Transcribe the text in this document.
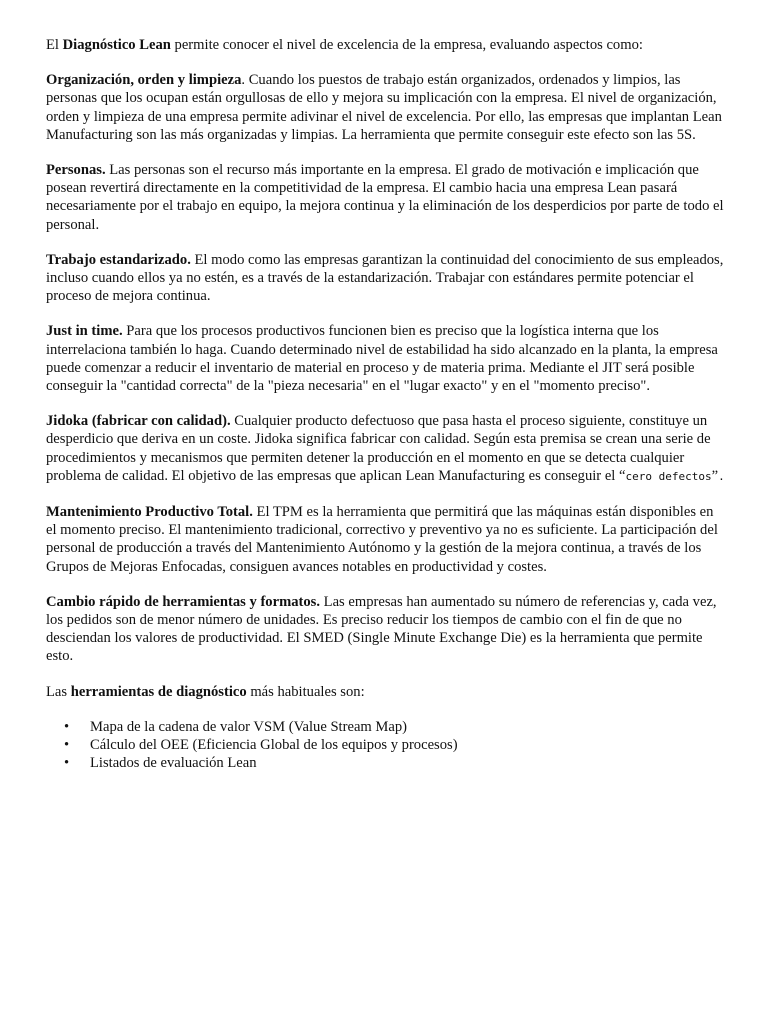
El Diagnóstico Lean permite conocer el nivel de excelencia de la empresa, evaluando aspectos como:

Organización, orden y limpieza. Cuando los puestos de trabajo están organizados, ordenados y limpios, las personas que los ocupan están orgullosas de ello y mejora su implicación con la empresa. El nivel de organización, orden y limpieza de una empresa permite adivinar el nivel de excelencia. Por ello, las empresas que implantan Lean Manufacturing son las más organizadas y limpias. La herramienta que permite conseguir este efecto son las 5S.

Personas. Las personas son el recurso más importante en la empresa. El grado de motivación e implicación que posean revertirá directamente en la competitividad de la empresa. El cambio hacia una empresa Lean pasará necesariamente por el trabajo en equipo, la mejora continua y la eliminación de los desperdicios por parte de todo el personal.

Trabajo estandarizado. El modo como las empresas garantizan la continuidad del conocimiento de sus empleados, incluso cuando ellos ya no estén, es a través de la estandarización. Trabajar con estándares permite potenciar el proceso de mejora continua.

Just in time. Para que los procesos productivos funcionen bien es preciso que la logística interna que los interrelaciona también lo haga. Cuando determinado nivel de estabilidad ha sido alcanzado en la planta, la empresa puede comenzar a reducir el inventario de material en proceso y de materia prima. Mediante el JIT será posible conseguir la "cantidad correcta" de la "pieza necesaria" en el "lugar exacto" y en el "momento preciso".

Jidoka (fabricar con calidad). Cualquier producto defectuoso que pasa hasta el proceso siguiente, constituye un desperdicio que deriva en un coste. Jidoka significa fabricar con calidad. Según esta premisa se crean una serie de procedimientos y mecanismos que permiten detener la producción en el momento en que se detecta cualquier problema de calidad. El objetivo de las empresas que aplican Lean Manufacturing es conseguir el “cero defectos”.

Mantenimiento Productivo Total. El TPM es la herramienta que permitirá que las máquinas están disponibles en el momento preciso. El mantenimiento tradicional, correctivo y preventivo ya no es suficiente. La participación del personal de producción a través del Mantenimiento Autónomo y la gestión de la mejora continua, a través de los Grupos de Mejoras Enfocadas, consiguen avances notables en productividad y costes.

Cambio rápido de herramientas y formatos. Las empresas han aumentado su número de referencias y, cada vez, los pedidos son de menor número de unidades. Es preciso reducir los tiempos de cambio con el fin de que no desciendan los valores de productividad. El SMED (Single Minute Exchange Die) es la herramienta que permite esto.

Las herramientas de diagnóstico más habituales son:

• Mapa de la cadena de valor VSM (Value Stream Map)
• Cálculo del OEE (Eficiencia Global de los equipos y procesos)
• Listados de evaluación Lean
